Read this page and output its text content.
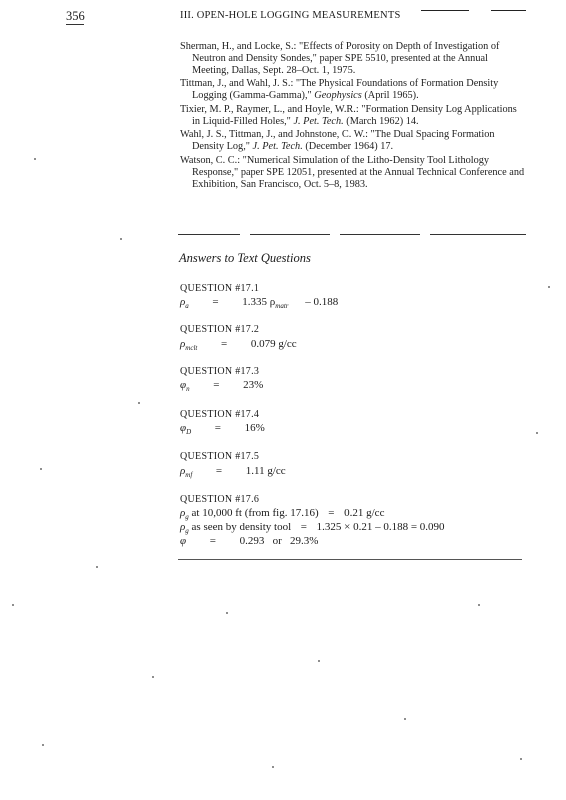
356	III. OPEN-HOLE LOGGING MEASUREMENTS

Sherman, H., and Locke, S.: "Effects of Porosity on Depth of Investigation of Neutron and Density Sondes," paper SPE 5510, presented at the Annual Meeting, Dallas, Sept. 28–Oct. 1, 1975.

Tittman, J., and Wahl, J. S.: "The Physical Foundations of Formation Density Logging (Gamma-Gamma)," Geophysics (April 1965).

Tixier, M. P., Raymer, L., and Hoyle, W.R.: "Formation Density Log Applications in Liquid-Filled Holes," J. Pet. Tech. (March 1962) 14.

Wahl, J. S., Tittman, J., and Johnstone, C. W.: "The Dual Spacing Formation Density Log," J. Pet. Tech. (December 1964) 17.

Watson, C. C.: "Numerical Simulation of the Litho-Density Tool Lithology Response," paper SPE 12051, presented at the Annual Technical Conference and Exhibition, San Francisco, Oct. 5–8, 1983.

Answers to Text Questions
QUESTION #17.1
$\rho_a = 1.335$ $\rho_{matr} - 0.188$
QUESTION #17.2
$\rho_{mclt} = 0.079$ g/cc
QUESTION #17.3
$\varphi_n = 23\%$
QUESTION #17.4
$\varphi_D = 16\%$
QUESTION #17.5
$\rho_{mf} = 1.11$ g/cc
QUESTION #17.6
$\rho_g$ at 10,000 ft (from fig. 17.16) = 0.21 g/cc
$\rho_g$ as seen by density tool = 1.325 × 0.21 – 0.188 = 0.090
φ = 0.293   or   29.3%
